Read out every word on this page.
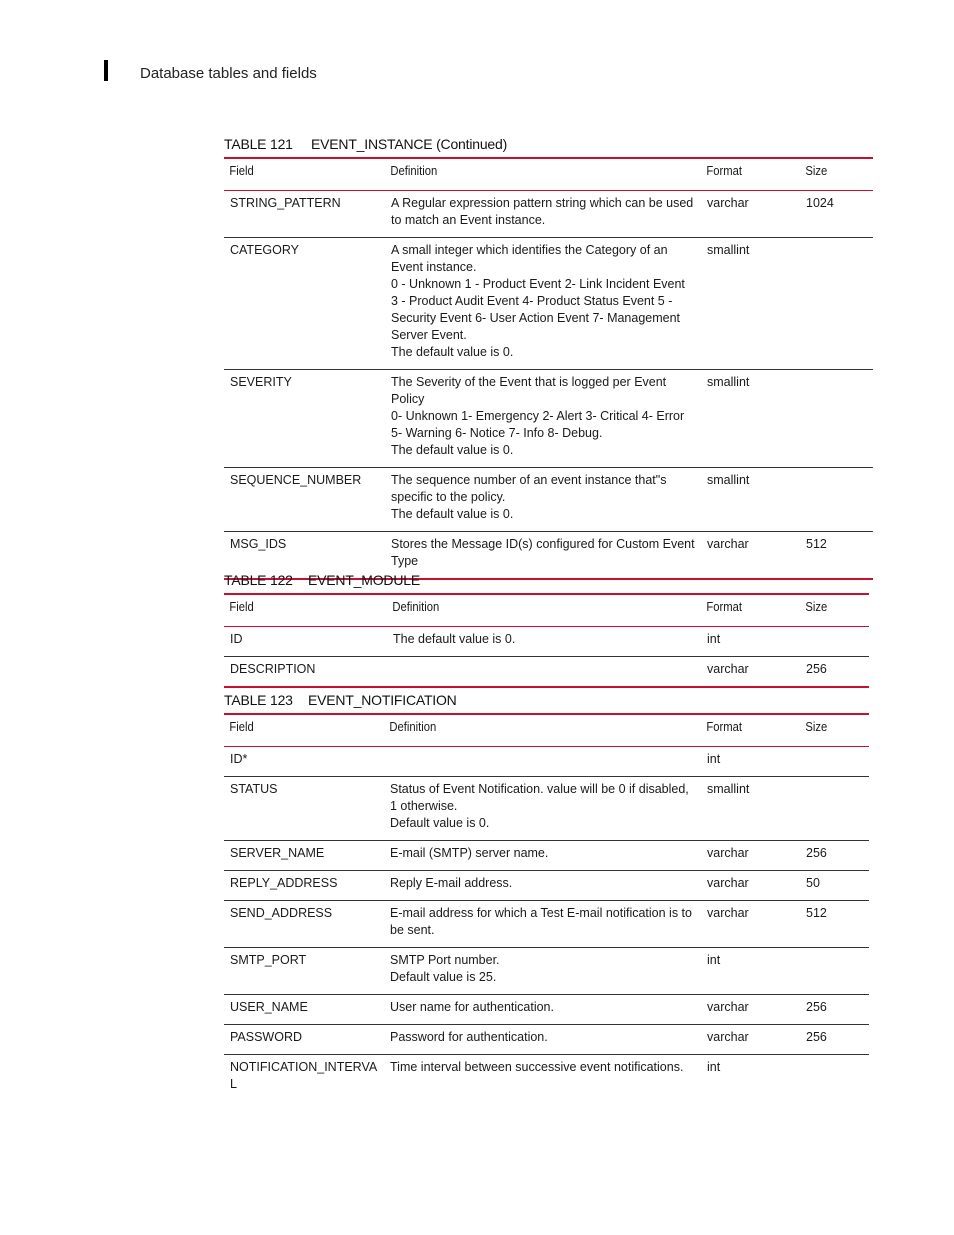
Database tables and fields
TABLE 121 EVENT_INSTANCE (Continued)
Field	Definition	Format	Size
STRING_PATTERN	A Regular expression pattern string which can be used to match an Event instance.	varchar	1024
CATEGORY	A small integer which identifies the Category of an Event instance.
0 - Unknown 1 - Product Event 2- Link Incident Event 3 - Product Audit Event 4- Product Status Event 5 - Security Event 6- User Action Event 7- Management Server Event.
The default value is 0.	smallint	
SEVERITY	The Severity of the Event that is logged per Event Policy
0- Unknown 1- Emergency 2- Alert 3- Critical 4- Error 5- Warning 6- Notice 7- Info 8- Debug.
The default value is 0.	smallint	
SEQUENCE_NUMBER	The sequence number of an event instance that"s specific to the policy.
The default value is 0.	smallint	
MSG_IDS	Stores the Message ID(s) configured for Custom Event Type	varchar	512
TABLE 122 EVENT_MODULE
Field	Definition	Format	Size
ID	The default value is 0.	int	
DESCRIPTION		varchar	256
TABLE 123 EVENT_NOTIFICATION
Field	Definition	Format	Size
ID*		int	
STATUS	Status of Event Notification. value will be 0 if disabled, 1 otherwise.
Default value is 0.	smallint	
SERVER_NAME	E-mail (SMTP) server name.	varchar	256
REPLY_ADDRESS	Reply E-mail address.	varchar	50
SEND_ADDRESS	E-mail address for which a Test E-mail notification is to be sent.	varchar	512
SMTP_PORT	SMTP Port number.
Default value is 25.	int	
USER_NAME	User name for authentication.	varchar	256
PASSWORD	Password for authentication.	varchar	256
NOTIFICATION_INTERVAL	Time interval between successive event notifications.	int	
